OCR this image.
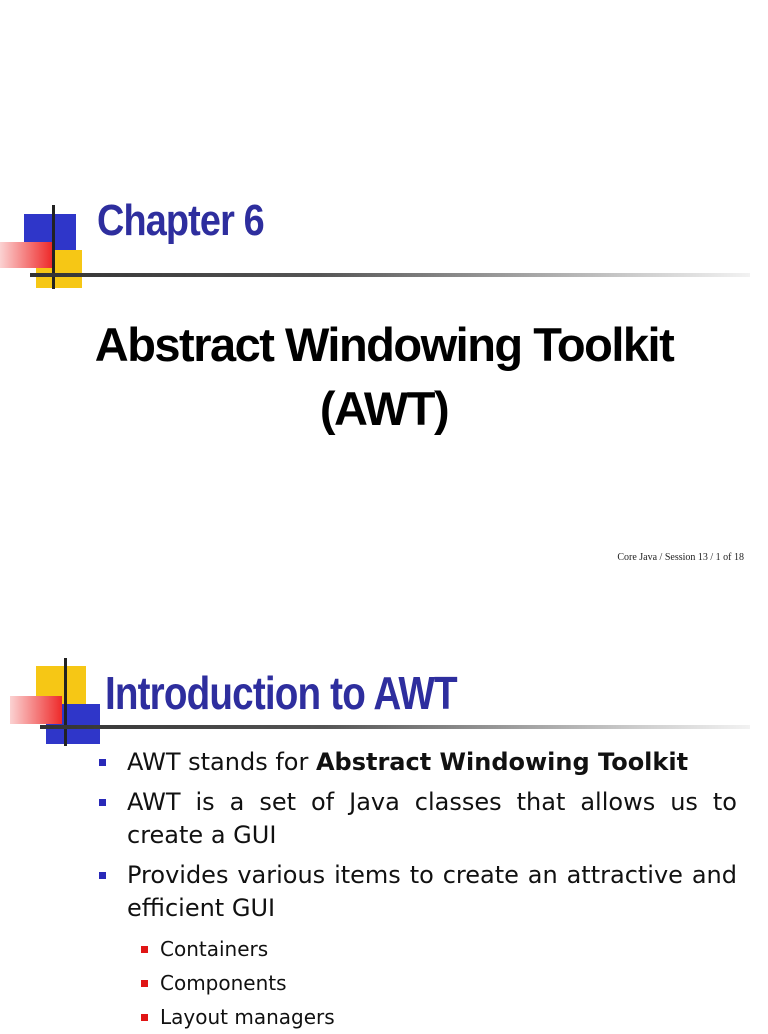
Chapter 6
Abstract Windowing Toolkit
(AWT)
Core Java / Session 13 / 1 of 18
Introduction to AWT
AWT stands for Abstract Windowing Toolkit
AWT is a set of Java classes that allows us to create a GUI
Provides various items to create an attractive and efficient GUI
Containers
Components
Layout managers
